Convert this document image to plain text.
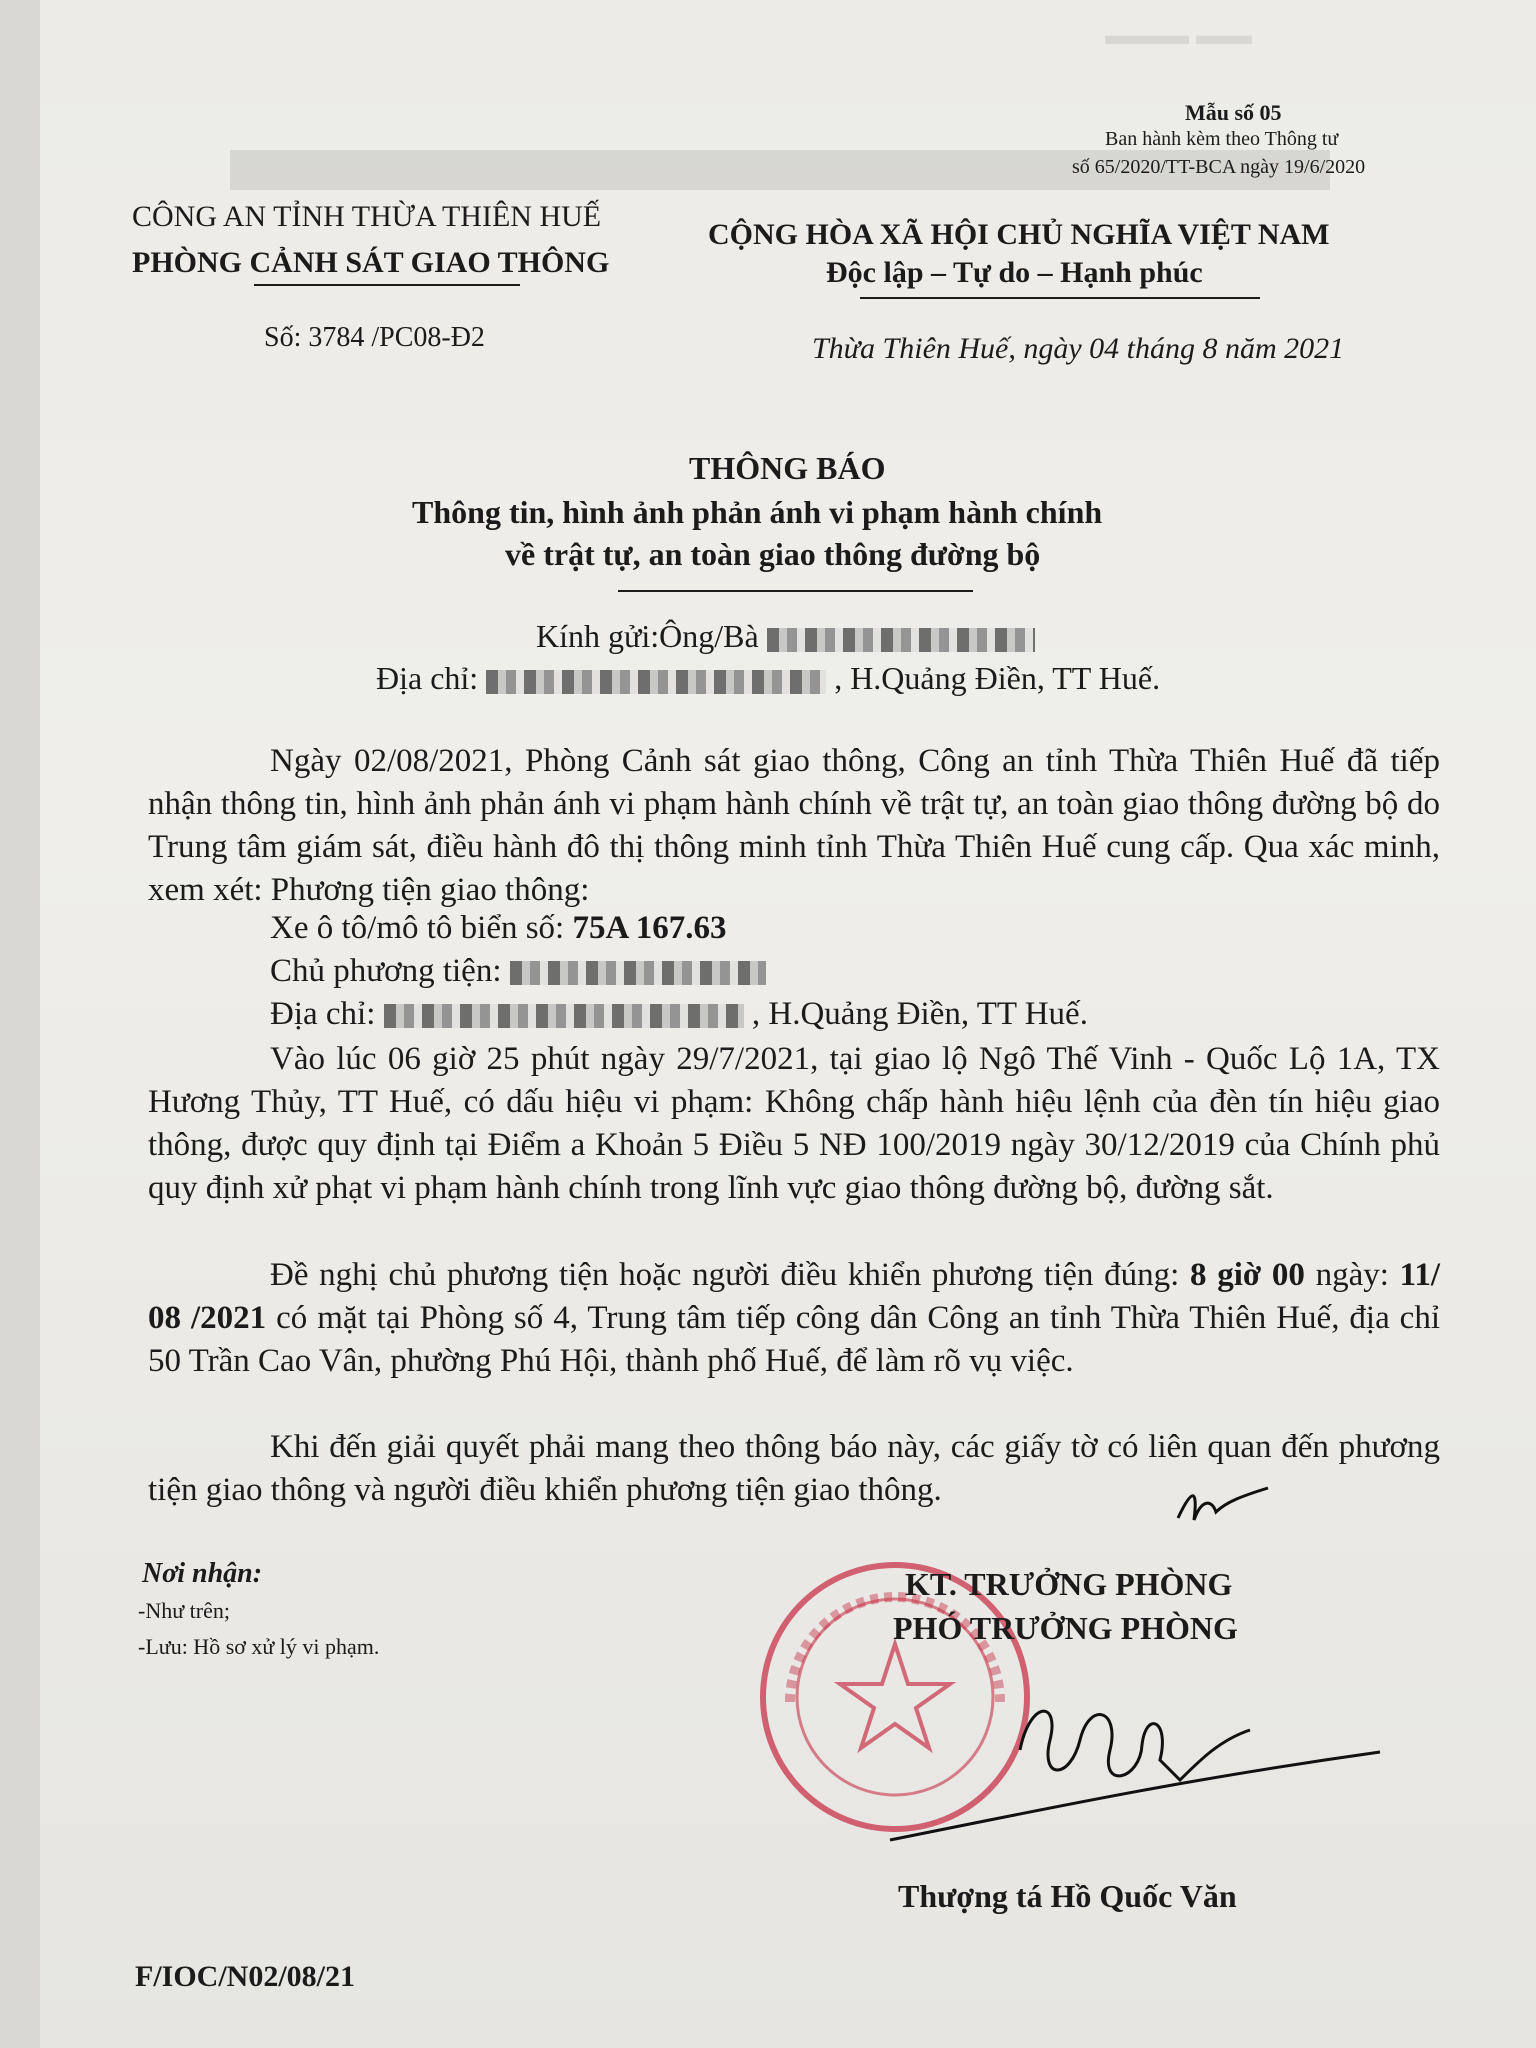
▬▬▬ ▬▬
Mẫu số 05
Ban hành kèm theo Thông tư
số 65/2020/TT-BCA ngày 19/6/2020
CÔNG AN TỈNH THỪA THIÊN HUẾ
PHÒNG CẢNH SÁT GIAO THÔNG
Số: 3784 /PC08-Đ2
CỘNG HÒA XÃ HỘI CHỦ NGHĨA VIỆT NAM
Độc lập – Tự do – Hạnh phúc
Thừa Thiên Huế, ngày 04 tháng 8 năm 2021
THÔNG BÁO
Thông tin, hình ảnh phản ánh vi phạm hành chính
về trật tự, an toàn giao thông đường bộ
Kính gửi:Ông/Bà
Địa chỉ:	, H.Quảng Điền, TT Huế.
Ngày 02/08/2021, Phòng Cảnh sát giao thông, Công an tỉnh Thừa Thiên Huế đã tiếp nhận thông tin, hình ảnh phản ánh vi phạm hành chính về trật tự, an toàn giao thông đường bộ do Trung tâm giám sát, điều hành đô thị thông minh tỉnh Thừa Thiên Huế cung cấp. Qua xác minh, xem xét: Phương tiện giao thông:
Xe ô tô/mô tô biển số: 75A 167.63
Chủ phương tiện:
Địa chỉ:	, H.Quảng Điền, TT Huế.
Vào lúc 06 giờ 25 phút ngày 29/7/2021, tại giao lộ Ngô Thế Vinh - Quốc Lộ 1A, TX Hương Thủy, TT Huế, có dấu hiệu vi phạm: Không chấp hành hiệu lệnh của đèn tín hiệu giao thông, được quy định tại Điểm a Khoản 5 Điều 5 NĐ 100/2019 ngày 30/12/2019 của Chính phủ quy định xử phạt vi phạm hành chính trong lĩnh vực giao thông đường bộ, đường sắt.
Đề nghị chủ phương tiện hoặc người điều khiển phương tiện đúng: 8 giờ 00 ngày: 11/ 08 /2021 có mặt tại Phòng số 4, Trung tâm tiếp công dân Công an tỉnh Thừa Thiên Huế, địa chỉ 50 Trần Cao Vân, phường Phú Hội, thành phố Huế, để làm rõ vụ việc.
Khi đến giải quyết phải mang theo thông báo này, các giấy tờ có liên quan đến phương tiện giao thông và người điều khiển phương tiện giao thông.
Nơi nhận:
-Như trên;
-Lưu: Hồ sơ xử lý vi phạm.
KT. TRƯỞNG PHÒNG
PHÓ TRƯỞNG PHÒNG
Thượng tá Hồ Quốc Văn
F/IOC/N02/08/21
